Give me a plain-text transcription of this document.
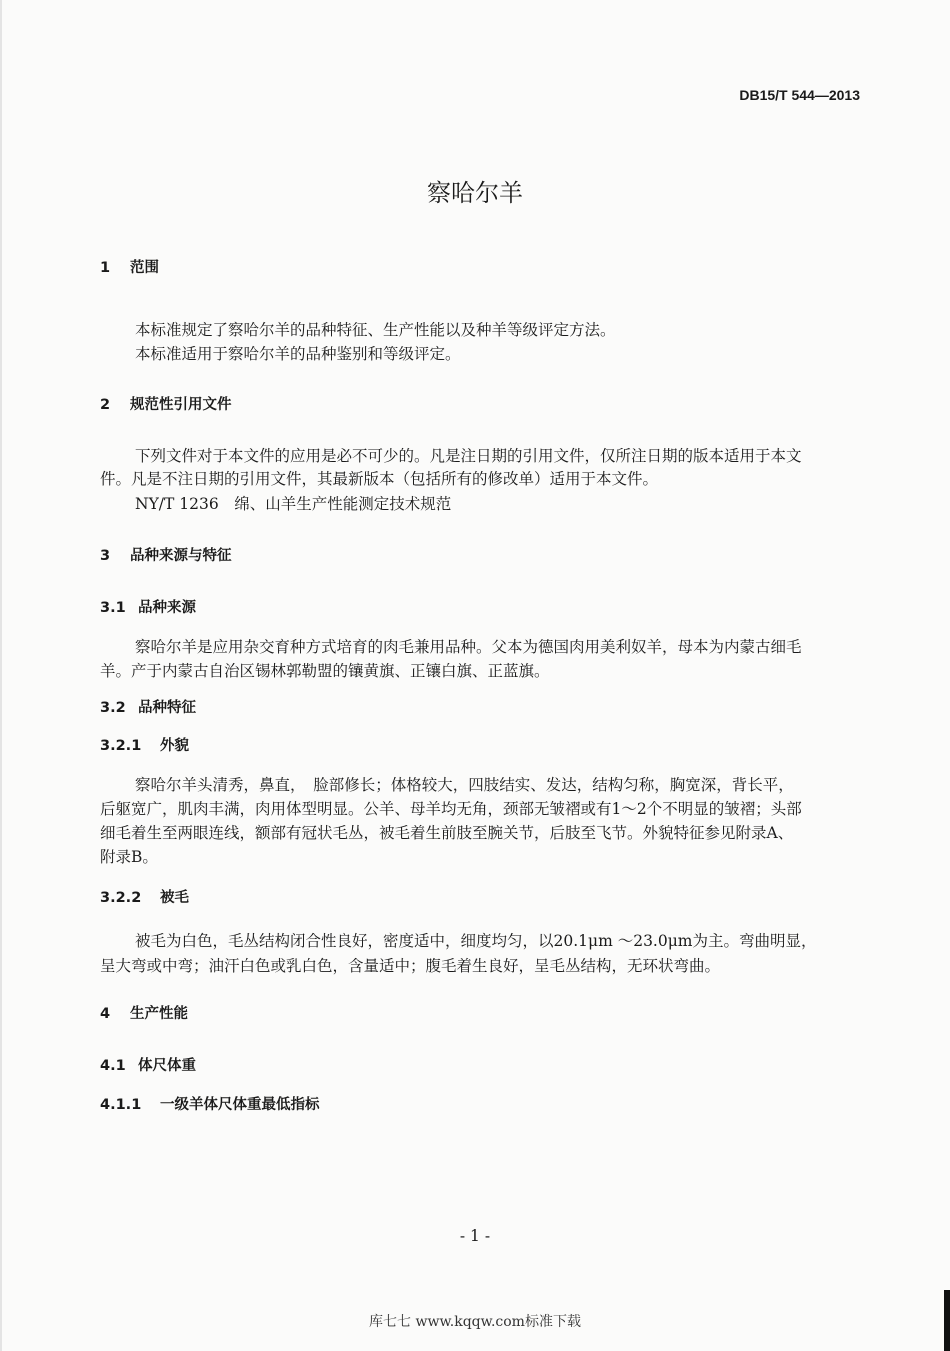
DB15/T 544—2013
察哈尔羊
1 范围
本标准规定了察哈尔羊的品种特征、生产性能以及种羊等级评定方法。
本标准适用于察哈尔羊的品种鉴别和等级评定。
2 规范性引用文件
下列文件对于本文件的应用是必不可少的。凡是注日期的引用文件，仅所注日期的版本适用于本文
件。凡是不注日期的引用文件，其最新版本（包括所有的修改单）适用于本文件。
NY/T 1236　绵、山羊生产性能测定技术规范
3 品种来源与特征
3.1 品种来源
察哈尔羊是应用杂交育种方式培育的肉毛兼用品种。父本为德国肉用美利奴羊，母本为内蒙古细毛
羊。产于内蒙古自治区锡林郭勒盟的镶黄旗、正镶白旗、正蓝旗。
3.2 品种特征
3.2.1 外貌
察哈尔羊头清秀，鼻直，　脸部修长；体格较大，四肢结实、发达，结构匀称，胸宽深，背长平，
后躯宽广，肌肉丰满，肉用体型明显。公羊、母羊均无角，颈部无皱褶或有1～2个不明显的皱褶；头部
细毛着生至两眼连线，额部有冠状毛丛，被毛着生前肢至腕关节，后肢至飞节。外貌特征参见附录A、
附录B。
3.2.2 被毛
被毛为白色，毛丛结构闭合性良好，密度适中，细度均匀，以20.1μm ～23.0μm为主。弯曲明显，
呈大弯或中弯；油汗白色或乳白色，含量适中；腹毛着生良好，呈毛丛结构，无环状弯曲。
4 生产性能
4.1 体尺体重
4.1.1 一级羊体尺体重最低指标
- 1 -
库七七 www.kqqw.com标准下载
